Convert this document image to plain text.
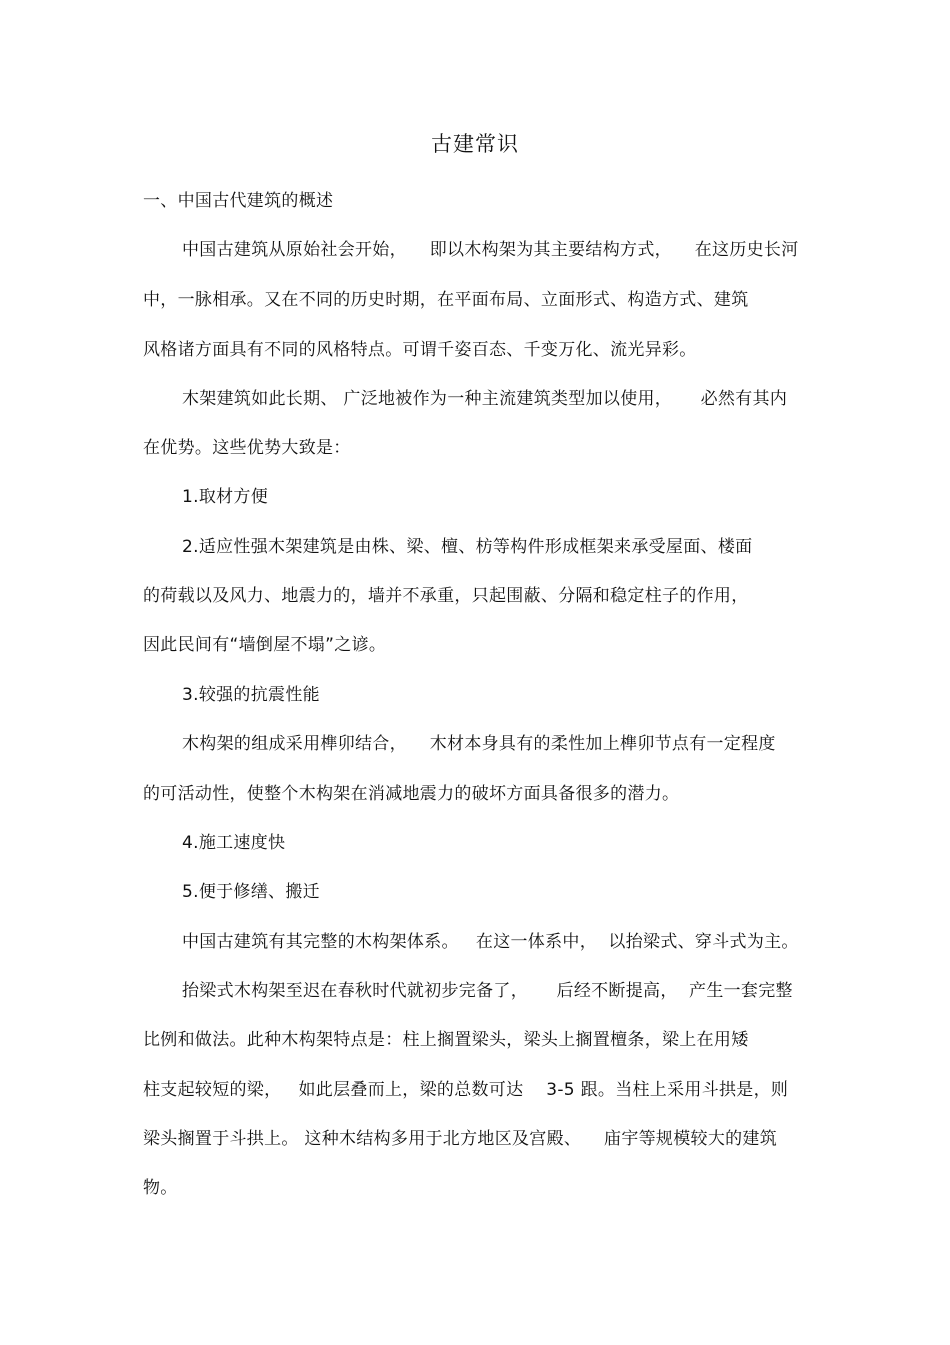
古建常识
一、中国古代建筑的概述
中国古建筑从原始社会开始，    即以木构架为其主要结构方式，    在这历史长河
中，一脉相承。又在不同的历史时期，在平面布局、立面形式、构造方式、建筑
风格诸方面具有不同的风格特点。可谓千姿百态、千变万化、流光异彩。
木架建筑如此长期、 广泛地被作为一种主流建筑类型加以使用，     必然有其内
在优势。这些优势大致是：
1.取材方便
2.适应性强木架建筑是由株、梁、檀、枋等构件形成框架来承受屋面、楼面
的荷载以及风力、地震力的，墙并不承重，只起围蔽、分隔和稳定柱子的作用，
因此民间有“墙倒屋不塌”之谚。
3.较强的抗震性能
木构架的组成采用榫卯结合，    木材本身具有的柔性加上榫卯节点有一定程度
的可活动性，使整个木构架在消减地震力的破坏方面具备很多的潜力。
4.施工速度快
5.便于修缮、搬迁
中国古建筑有其完整的木构架体系。   在这一体系中，  以抬梁式、穿斗式为主。
抬梁式木构架至迟在春秋时代就初步完备了，     后经不断提高，  产生一套完整
比例和做法。此种木构架特点是：柱上搁置梁头，梁头上搁置檀条，梁上在用矮
柱支起较短的梁，   如此层叠而上，梁的总数可达    3-5 跟。当柱上采用斗拱是，则
梁头搁置于斗拱上。 这种木结构多用于北方地区及宫殿、    庙宇等规模较大的建筑
物。
